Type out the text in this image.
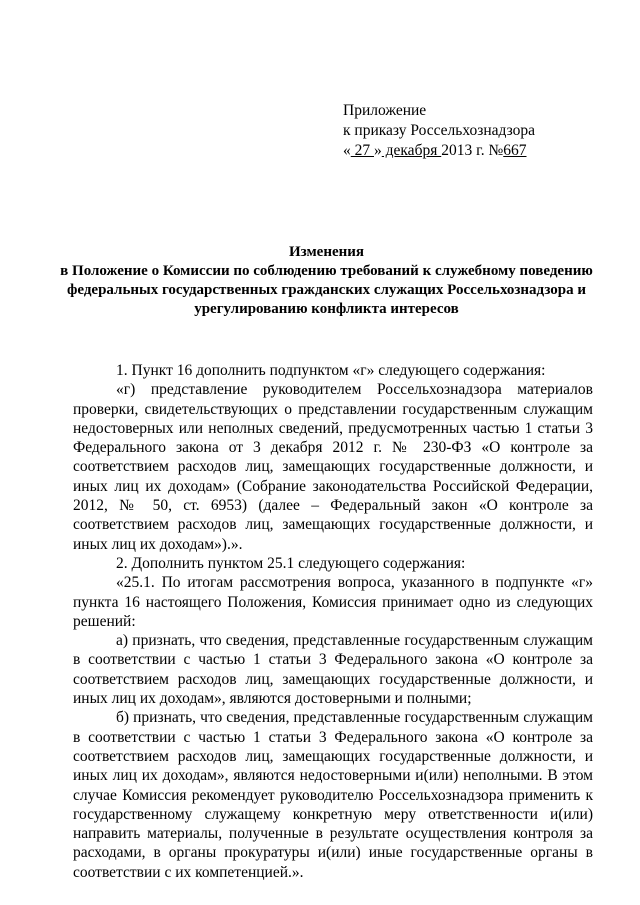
Приложение
к приказу Россельхознадзора
« 27 » декабря 2013 г. №667
Изменения
в Положение о Комиссии по соблюдению требований к служебному поведению федеральных государственных гражданских служащих Россельхознадзора и урегулированию конфликта интересов

1. Пункт 16 дополнить подпунктом «г» следующего содержания:

«г) представление руководителем Россельхознадзора материалов проверки, свидетельствующих о представлении государственным служащим недостоверных или неполных сведений, предусмотренных частью 1 статьи 3 Федерального закона от 3 декабря 2012 г. № 230-ФЗ «О контроле за соответствием расходов лиц, замещающих государственные должности, и иных лиц их доходам» (Собрание законодательства Российской Федерации, 2012, № 50, ст. 6953) (далее – Федеральный закон «О контроле за соответствием расходов лиц, замещающих государственные должности, и иных лиц их доходам»).».

2. Дополнить пунктом 25.1 следующего содержания:

«25.1. По итогам рассмотрения вопроса, указанного в подпункте «г» пункта 16 настоящего Положения, Комиссия принимает одно из следующих решений:

а) признать, что сведения, представленные государственным служащим в соответствии с частью 1 статьи 3 Федерального закона «О контроле за соответствием расходов лиц, замещающих государственные должности, и иных лиц их доходам», являются достоверными и полными;

б) признать, что сведения, представленные государственным служащим в соответствии с частью 1 статьи 3 Федерального закона «О контроле за соответствием расходов лиц, замещающих государственные должности, и иных лиц их доходам», являются недостоверными и(или) неполными. В этом случае Комиссия рекомендует руководителю Россельхознадзора применить к государственному служащему конкретную меру ответственности и(или) направить материалы, полученные в результате осуществления контроля за расходами, в органы прокуратуры и(или) иные государственные органы в соответствии с их компетенцией.».
